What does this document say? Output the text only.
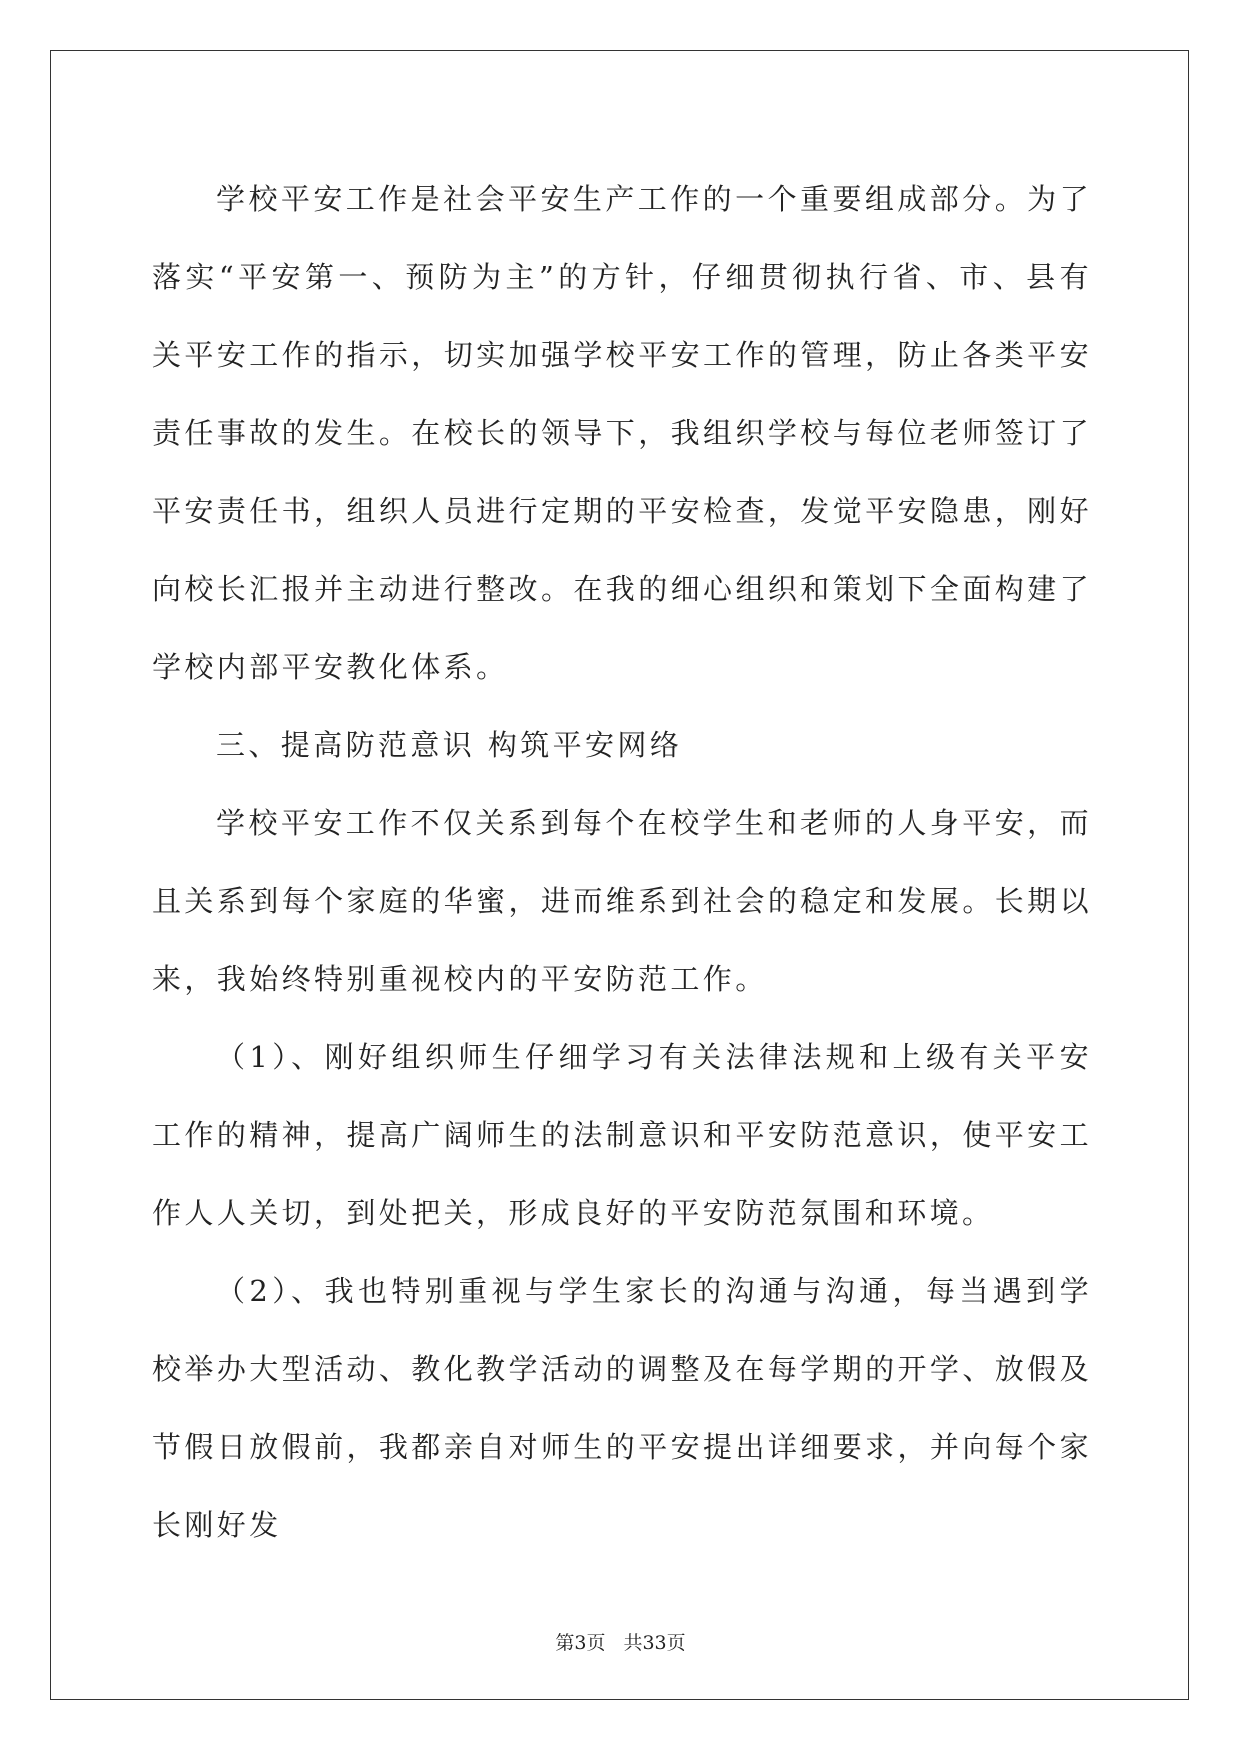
学校平安工作是社会平安生产工作的一个重要组成部分。为了落实“平安第一、预防为主”的方针，仔细贯彻执行省、市、县有关平安工作的指示，切实加强学校平安工作的管理，防止各类平安责任事故的发生。在校长的领导下，我组织学校与每位老师签订了平安责任书，组织人员进行定期的平安检查，发觉平安隐患，刚好向校长汇报并主动进行整改。在我的细心组织和策划下全面构建了学校内部平安教化体系。

三、提高防范意识 构筑平安网络

学校平安工作不仅关系到每个在校学生和老师的人身平安，而且关系到每个家庭的华蜜，进而维系到社会的稳定和发展。长期以来，我始终特别重视校内的平安防范工作。

（1）、刚好组织师生仔细学习有关法律法规和上级有关平安工作的精神，提高广阔师生的法制意识和平安防范意识，使平安工作人人关切，到处把关，形成良好的平安防范氛围和环境。

（2）、我也特别重视与学生家长的沟通与沟通，每当遇到学校举办大型活动、教化教学活动的调整及在每学期的开学、放假及节假日放假前，我都亲自对师生的平安提出详细要求，并向每个家长刚好发

第3页 共33页
